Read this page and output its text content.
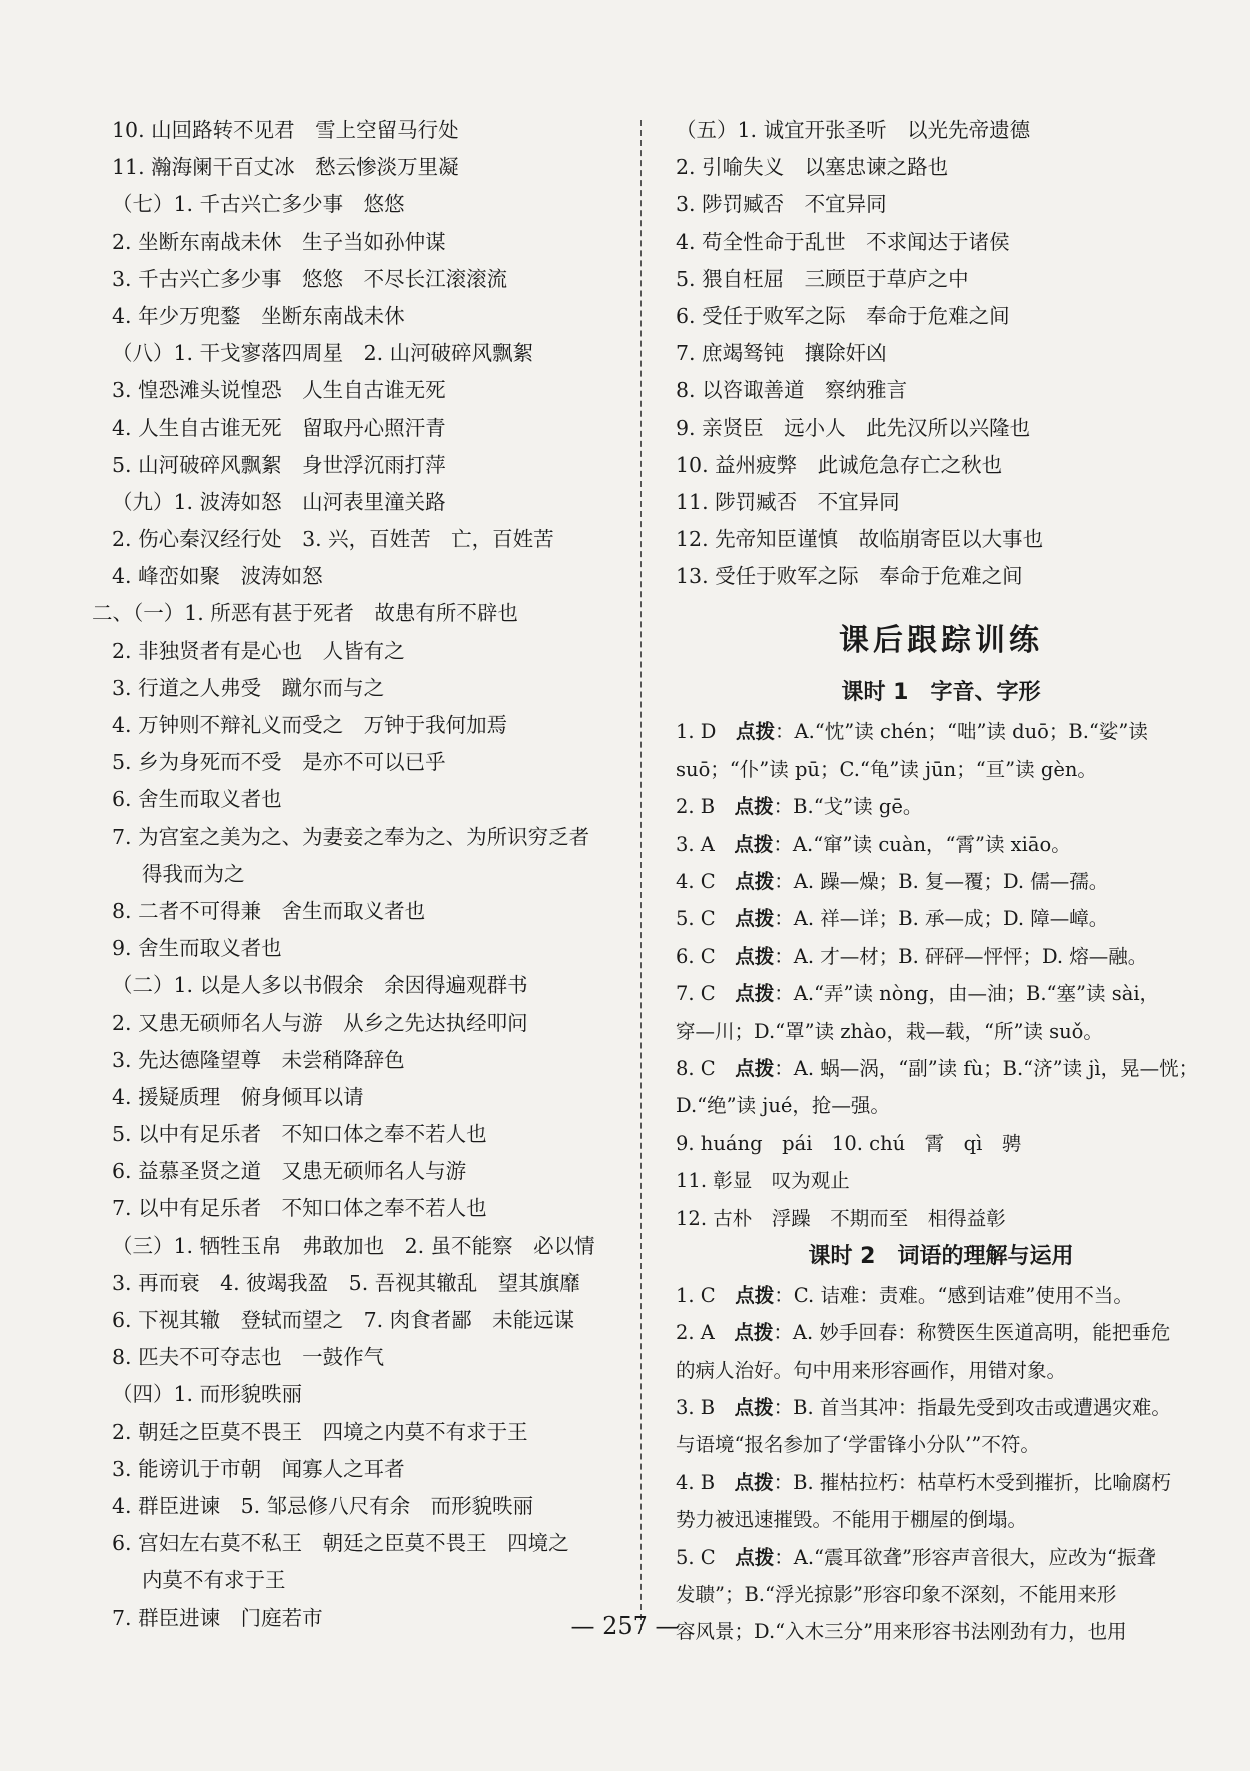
10. 山回路转不见君　雪上空留马行处
11. 瀚海阑干百丈冰　愁云惨淡万里凝
（七）1. 千古兴亡多少事　悠悠
2. 坐断东南战未休　生子当如孙仲谋
3. 千古兴亡多少事　悠悠　不尽长江滚滚流
4. 年少万兜鍪　坐断东南战未休
（八）1. 干戈寥落四周星　2. 山河破碎风飘絮
3. 惶恐滩头说惶恐　人生自古谁无死
4. 人生自古谁无死　留取丹心照汗青
5. 山河破碎风飘絮　身世浮沉雨打萍
（九）1. 波涛如怒　山河表里潼关路
2. 伤心秦汉经行处　3. 兴，百姓苦　亡，百姓苦
4. 峰峦如聚　波涛如怒
二、（一）1. 所恶有甚于死者　故患有所不辟也
2. 非独贤者有是心也　人皆有之
3. 行道之人弗受　蹴尔而与之
4. 万钟则不辩礼义而受之　万钟于我何加焉
5. 乡为身死而不受　是亦不可以已乎
6. 舍生而取义者也
7. 为宫室之美为之、为妻妾之奉为之、为所识穷乏者
得我而为之
8. 二者不可得兼　舍生而取义者也
9. 舍生而取义者也
（二）1. 以是人多以书假余　余因得遍观群书
2. 又患无硕师名人与游　从乡之先达执经叩问
3. 先达德隆望尊　未尝稍降辞色
4. 援疑质理　俯身倾耳以请
5. 以中有足乐者　不知口体之奉不若人也
6. 益慕圣贤之道　又患无硕师名人与游
7. 以中有足乐者　不知口体之奉不若人也
（三）1. 牺牲玉帛　弗敢加也　2. 虽不能察　必以情
3. 再而衰　4. 彼竭我盈　5. 吾视其辙乱　望其旗靡
6. 下视其辙　登轼而望之　7. 肉食者鄙　未能远谋
8. 匹夫不可夺志也　一鼓作气
（四）1. 而形貌昳丽
2. 朝廷之臣莫不畏王　四境之内莫不有求于王
3. 能谤讥于市朝　闻寡人之耳者
4. 群臣进谏　5. 邹忌修八尺有余　而形貌昳丽
6. 宫妇左右莫不私王　朝廷之臣莫不畏王　四境之
内莫不有求于王
7. 群臣进谏　门庭若市
（五）1. 诚宜开张圣听　以光先帝遗德
2. 引喻失义　以塞忠谏之路也
3. 陟罚臧否　不宜异同
4. 苟全性命于乱世　不求闻达于诸侯
5. 猥自枉屈　三顾臣于草庐之中
6. 受任于败军之际　奉命于危难之间
7. 庶竭驽钝　攘除奸凶
8. 以咨诹善道　察纳雅言
9. 亲贤臣　远小人　此先汉所以兴隆也
10. 益州疲弊　此诚危急存亡之秋也
11. 陟罚臧否　不宜异同
12. 先帝知臣谨慎　故临崩寄臣以大事也
13. 受任于败军之际　奉命于危难之间
课后跟踪训练
课时 1　字音、字形
1. D　 点拨：A.“忱”读 chén；“咄”读 duō；B.“娑”读
suō；“仆”读 pū；C.“龟”读 jūn；“亘”读 gèn。
2. B　 点拨：B.“戈”读 gē。
3. A　 点拨：A.“窜”读 cuàn，“霄”读 xiāo。
4. C　 点拨：A. 躁—燥；B. 复—覆；D. 儒—孺。
5. C　 点拨：A. 祥—详；B. 承—成；D. 障—嶂。
6. C　 点拨：A. 才—材；B. 砰砰—怦怦；D. 熔—融。
7. C　 点拨：A.“弄”读 nòng，由—油；B.“塞”读 sài，
穿—川；D.“罩”读 zhào，栽—载，“所”读 suǒ。
8. C　 点拨：A. 蜗—涡，“副”读 fù；B.“济”读 jì，晃—恍；
D.“绝”读 jué，抢—强。
9. huáng　pái　10. chú　霄　qì　骋
11. 彰显　叹为观止
12. 古朴　浮躁　不期而至　相得益彰
课时 2　词语的理解与运用
1. C　 点拨：C. 诘难：责难。“感到诘难”使用不当。
2. A　 点拨：A. 妙手回春：称赞医生医道高明，能把垂危
的病人治好。句中用来形容画作，用错对象。
3. B　 点拨：B. 首当其冲：指最先受到攻击或遭遇灾难。
与语境“报名参加了‘学雷锋小分队’”不符。
4. B　 点拨：B. 摧枯拉朽：枯草朽木受到摧折，比喻腐朽
势力被迅速摧毁。不能用于棚屋的倒塌。
5. C　 点拨：A.“震耳欲聋”形容声音很大，应改为“振聋
发聩”；B.“浮光掠影”形容印象不深刻，不能用来形
容风景；D.“入木三分”用来形容书法刚劲有力，也用
— 257 —
